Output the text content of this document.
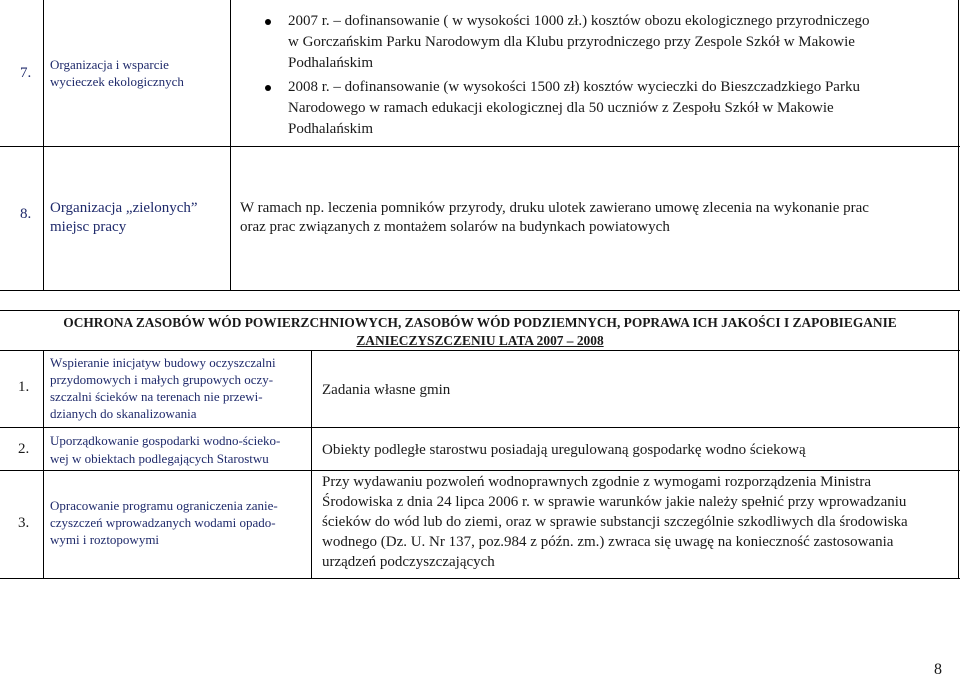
7.
Organizacja i wsparcie
wycieczek ekologicznych
2007 r. – dofinansowanie ( w wysokości 1000 zł.) kosztów obozu ekologicznego przyrodniczego
w Gorczańskim Parku Narodowym dla Klubu przyrodniczego przy Zespole Szkół w Makowie
Podhalańskim
2008 r. – dofinansowanie (w wysokości 1500 zł) kosztów wycieczki do Bieszczadzkiego Parku
Narodowego w ramach edukacji ekologicznej dla 50 uczniów z Zespołu Szkół w Makowie
Podhalańskim
8. Organizacja „zielonych”
miejsc pracy
W ramach np. leczenia pomników przyrody, druku ulotek zawierano umowę zlecenia na wykonanie prac
oraz prac związanych z montażem solarów na budynkach powiatowych
OCHRONA ZASOBÓW WÓD POWIERZCHNIOWYCH, ZASOBÓW WÓD PODZIEMNYCH, POPRAWA ICH JAKOŚCI I ZAPOBIEGANIE
ZANIECZYSZCZENIU LATA 2007 – 2008
1.
Wspieranie inicjatyw budowy oczyszczalni
przydomowych i małych grupowych oczy-
szczalni ścieków na terenach nie przewi-
dzianych do skanalizowania
Zadania własne gmin
2.
Uporządkowanie gospodarki wodno-ścieko-
wej w obiektach podlegających Starostwu
Obiekty podległe starostwu posiadają uregulowaną gospodarkę wodno ściekową
3.
Opracowanie programu ograniczenia zanie-
czyszczeń wprowadzanych wodami opado-
wymi i roztopowymi
Przy wydawaniu pozwoleń wodnoprawnych zgodnie z wymogami rozporządzenia Ministra
Środowiska z dnia 24 lipca 2006 r. w sprawie warunków jakie należy spełnić przy wprowadzaniu
ścieków do wód lub do ziemi, oraz w sprawie substancji szczególnie szkodliwych dla środowiska
wodnego (Dz. U. Nr 137, poz.984 z późn. zm.) zwraca się uwagę na konieczność zastosowania
urządzeń podczyszczających
8
